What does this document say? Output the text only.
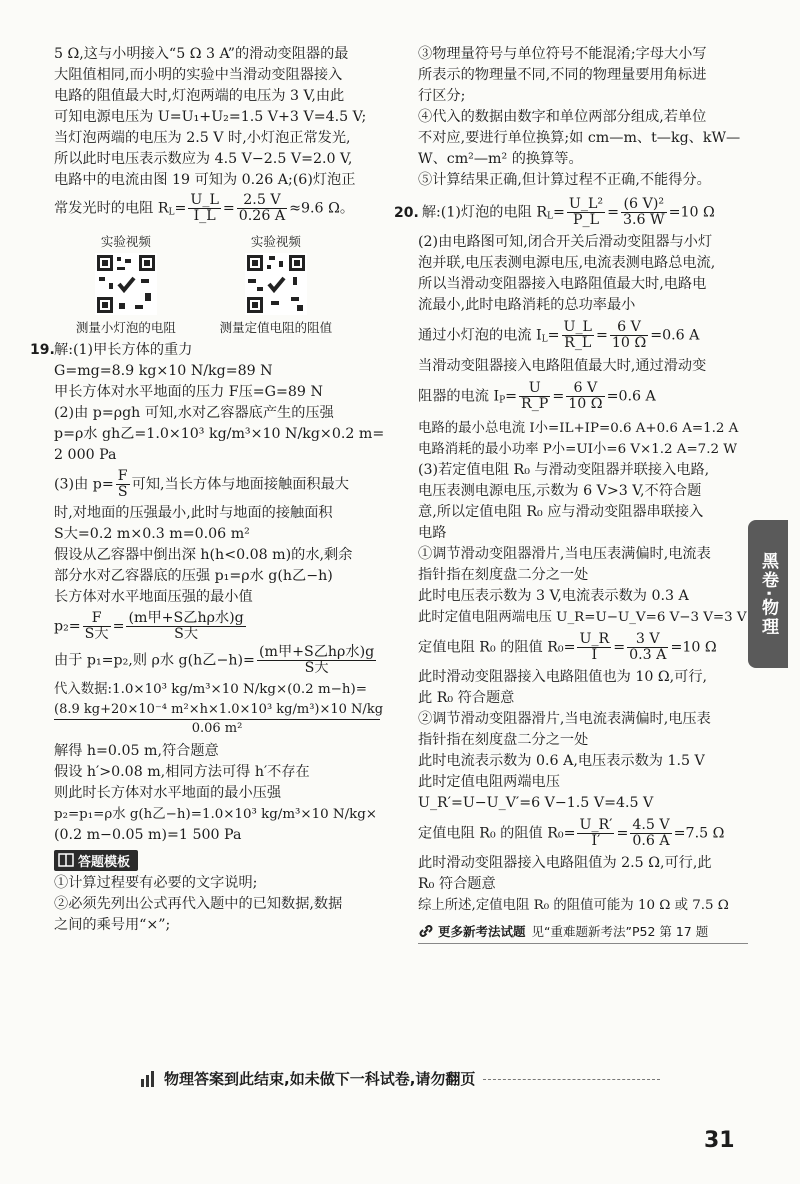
5 Ω,这与小明接入“5 Ω 3 A”的滑动变阻器的最
大阻值相同,而小明的实验中当滑动变阻器接入
电路的阻值最大时,灯泡两端的电压为 3 V,由此
可知电源电压为 U=U₁+U₂=1.5 V+3 V=4.5 V;
当灯泡两端的电压为 2.5 V 时,小灯泡正常发光,
所以此时电压表示数应为 4.5 V−2.5 V=2.0 V,
电路中的电流由图 19 可知为 0.26 A;(6)灯泡正
常发光时的电阻 $R_L= \frac{U\_L}{I\_L} = \frac{2.5 V}{0.26 A} \approx 9.6$ Ω。
实验视频
测量小灯泡的电阻
实验视频
测量定值电阻的阻值
19. 解:(1)甲长方体的重力
G=mg=8.9 kg×10 N/kg=89 N
甲长方体对水平地面的压力 F压=G=89 N
(2)由 p=ρgh 可知,水对乙容器底产生的压强
p=ρ水 gh乙=1.0×10³ kg/m³×10 N/kg×0.2 m=
2 000 Pa
(3)由 $p= \frac{F}{S}$ 可知,当长方体与地面接触面积最大
时,对地面的压强最小,此时与地面的接触面积
S大=0.2 m×0.3 m=0.06 m²
假设从乙容器中倒出深 h(h<0.08 m)的水,剩余
部分水对乙容器底的压强 p₁=ρ水 g(h乙−h)
长方体对水平地面压强的最小值
$p_2= \frac{F}{\text{S大}} = \frac{\text{(m甲+S乙hρ水)g}}{\text{S大}}$
由于 p₁=p₂,则 ρ水 g(h乙$-h)= \frac{\text{(m甲+S乙hρ水)g}}{\text{S大}}$
代入数据:1.0×10³ kg/m³×10 N/kg×(0.2 m−h)=
(8.9 kg+20×10⁻⁴ m²×h×1.0×10³ kg/m³)×10 N/kg
0.06 m²
解得 h=0.05 m,符合题意
假设 h′>0.08 m,相同方法可得 h′不存在
则此时长方体对水平地面的最小压强
p₂=p₁=ρ水 g(h乙−h)=1.0×10³ kg/m³×10 N/kg×
(0.2 m−0.05 m)=1 500 Pa
答题模板
①计算过程要有必要的文字说明;
②必须先列出公式再代入题中的已知数据,数据
之间的乘号用“×”;
③物理量符号与单位符号不能混淆;字母大小写
所表示的物理量不同,不同的物理量要用角标进
行区分;
④代入的数据由数字和单位两部分组成,若单位
不对应,要进行单位换算;如 cm—m、t—kg、kW—
W、cm²—m² 的换算等。
⑤计算结果正确,但计算过程不正确,不能得分。
20. 解:(1)灯泡的电阻 $R_L= \frac{\text{U\_L²}}{P\_L} = \frac{\text{(6 V)²}}{3.6 W} =10$ Ω
(2)由电路图可知,闭合开关后滑动变阻器与小灯
泡并联,电压表测电源电压,电流表测电路总电流,
所以当滑动变阻器接入电路阻值最大时,电路电
流最小,此时电路消耗的总功率最小
通过小灯泡的电流 $I_L= \frac{U\_L}{R\_L} = \frac{6 V}{10 \Omega} =0.6$ A
当滑动变阻器接入电路阻值最大时,通过滑动变
阻器的电流 $I_P= \frac{U}{R\_P} = \frac{6 V}{10 \Omega} =0.6$ A
电路的最小总电流 I小=IL+IP=0.6 A+0.6 A=1.2 A
电路消耗的最小功率 P小=UI小=6 V×1.2 A=7.2 W
(3)若定值电阻 R₀ 与滑动变阻器并联接入电路,
电压表测电源电压,示数为 6 V>3 V,不符合题
意,所以定值电阻 R₀ 应与滑动变阻器串联接入
电路
①调节滑动变阻器滑片,当电压表满偏时,电流表
指针指在刻度盘二分之一处
此时电压表示数为 3 V,电流表示数为 0.3 A
此时定值电阻两端电压 U_R=U−U_V=6 V−3 V=3 V
定值电阻 R₀ 的阻值 $R_0= \frac{U\_R}{I} = \frac{3 V}{0.3 A} =10$ Ω
此时滑动变阻器接入电路阻值也为 10 Ω,可行,
此 R₀ 符合题意
②调节滑动变阻器滑片,当电流表满偏时,电压表
指针指在刻度盘二分之一处
此时电流表示数为 0.6 A,电压表示数为 1.5 V
此时定值电阻两端电压
U_R′=U−U_V′=6 V−1.5 V=4.5 V
定值电阻 R₀ 的阻值 $R_0= \frac{U\_R'}{I'} = \frac{4.5 V}{0.6 A} =7.5$ Ω
此时滑动变阻器接入电路阻值为 2.5 Ω,可行,此
R₀ 符合题意
综上所述,定值电阻 R₀ 的阻值可能为 10 Ω 或 7.5 Ω
更多新考法试题 见“重难题新考法”P52 第 17 题
黑卷·物理
物理答案到此结束,如未做下一科试卷,请勿翻页
31
